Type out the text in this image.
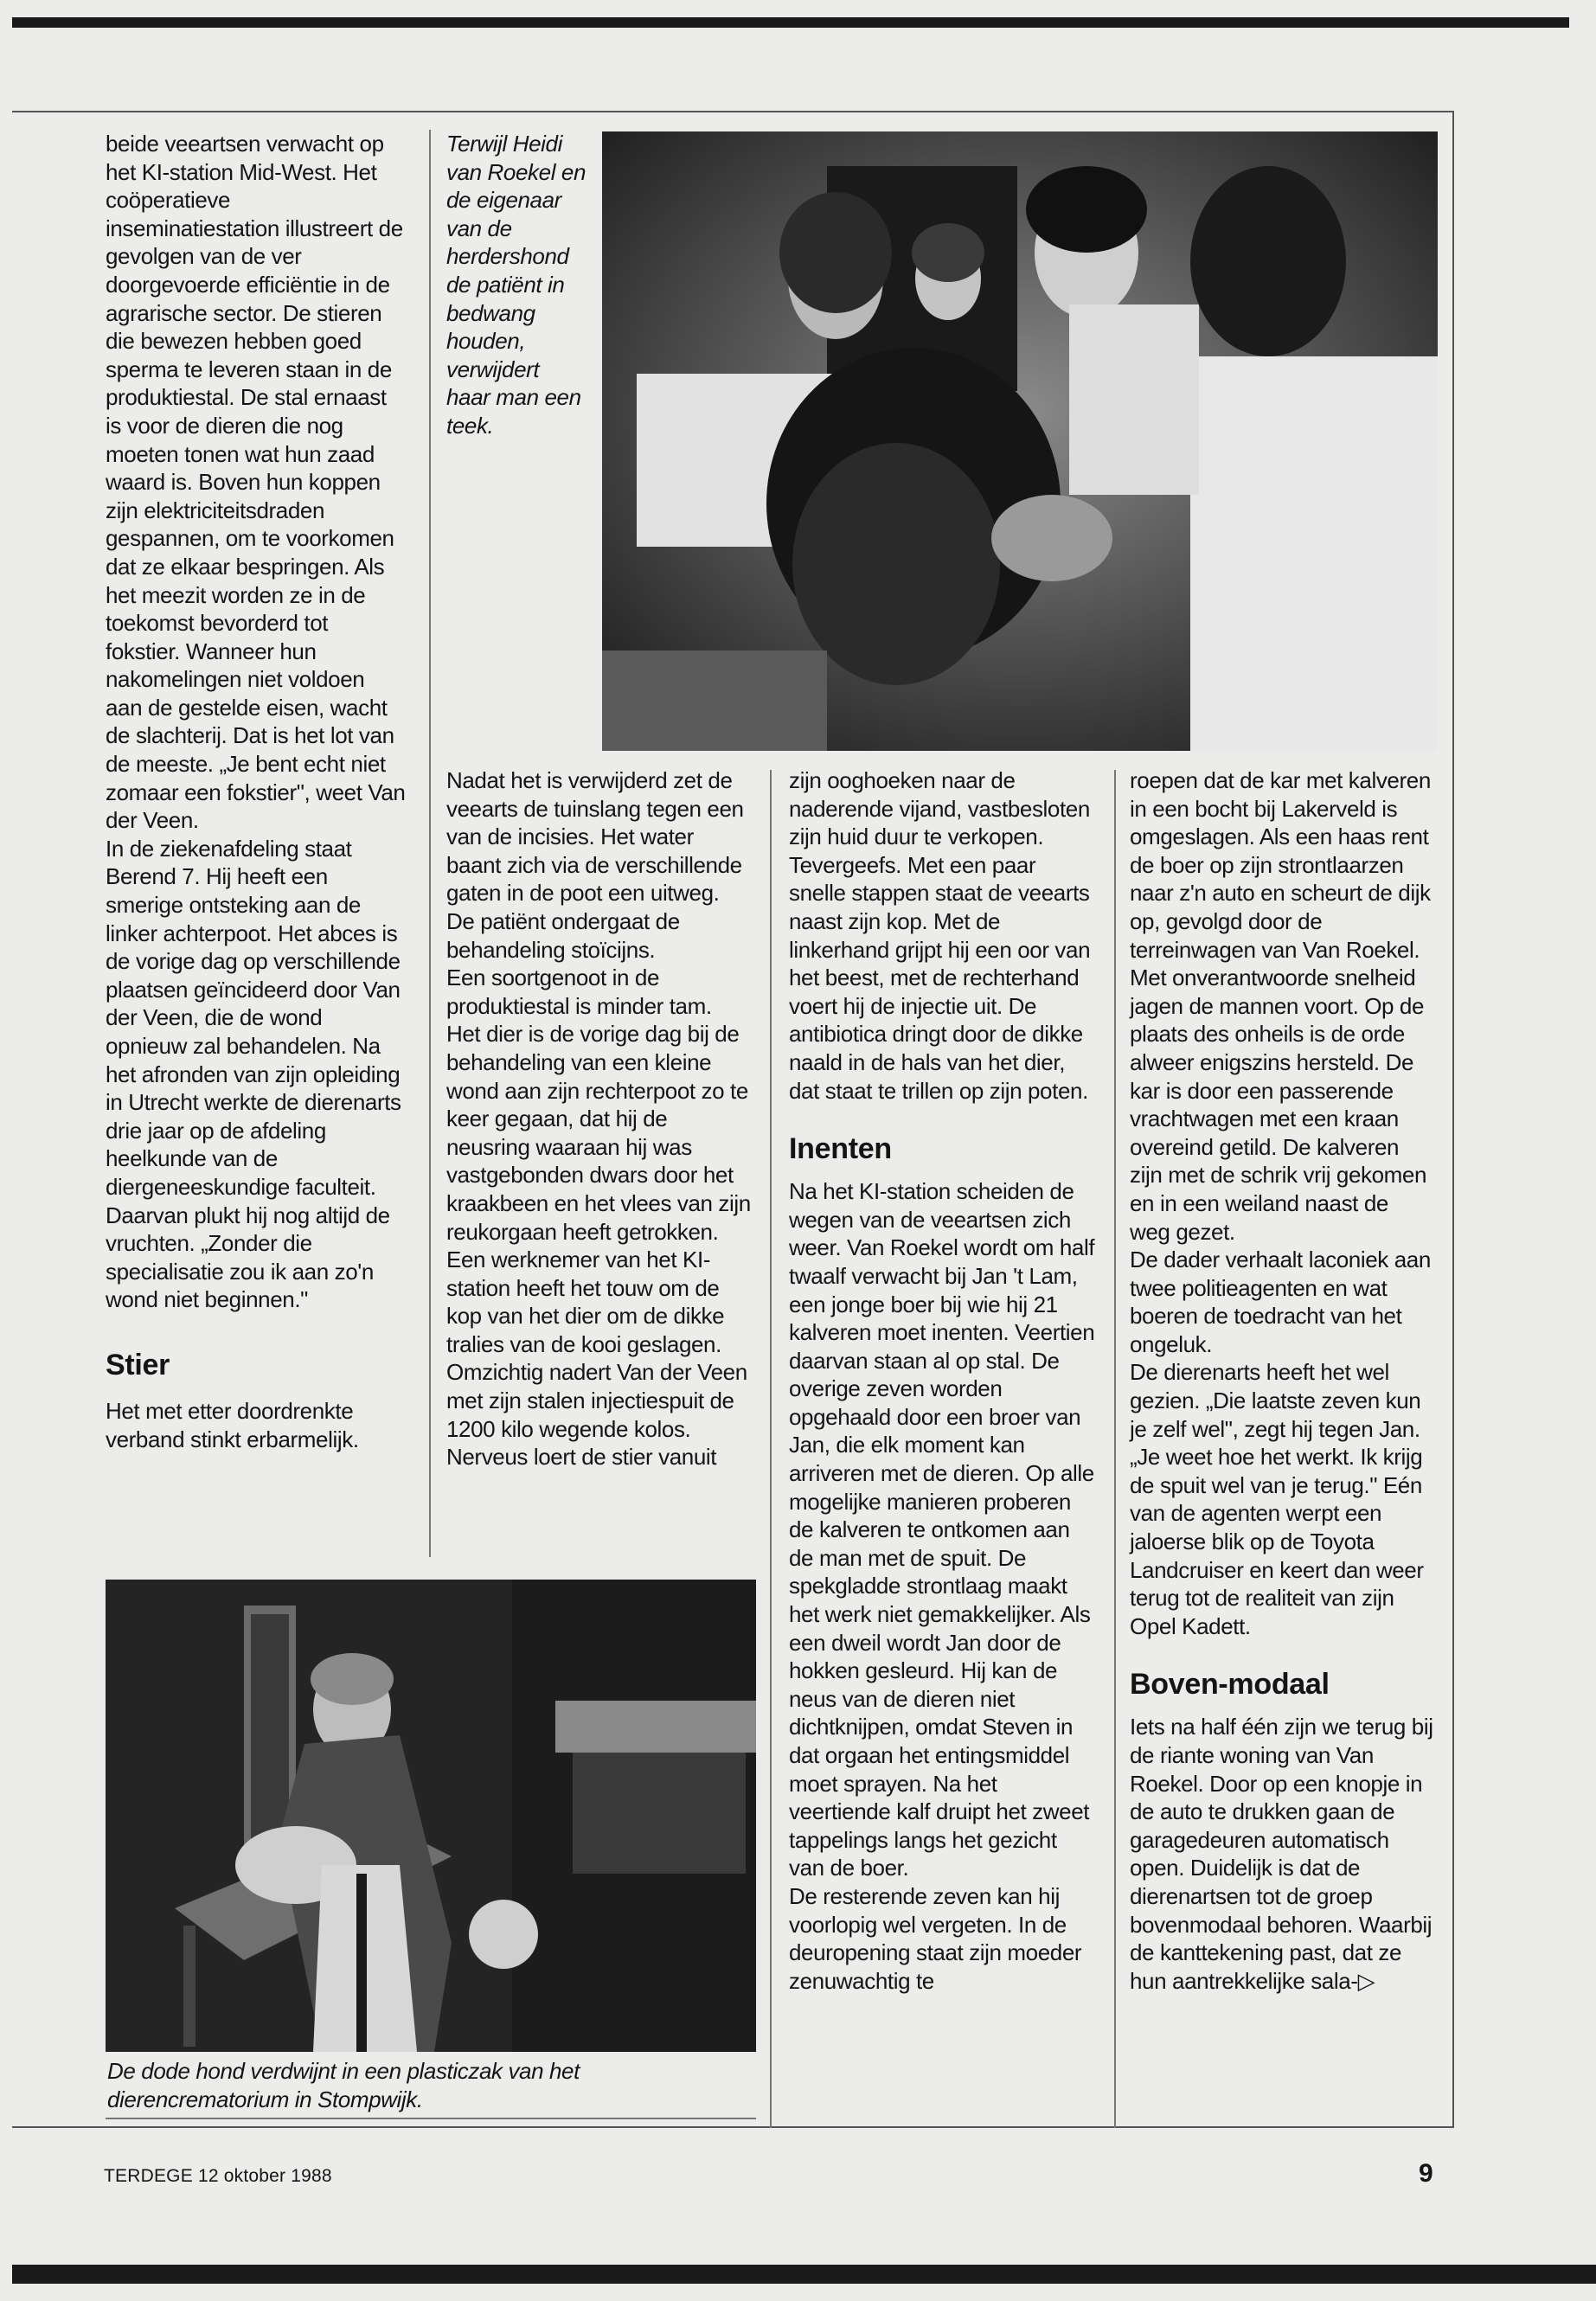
beide veeartsen verwacht op het KI-station Mid-West. Het coöperatieve inseminatiestation illustreert de gevolgen van de ver doorgevoerde efficiëntie in de agrarische sector. De stieren die bewezen hebben goed sperma te leveren staan in de produktiestal. De stal ernaast is voor de dieren die nog moeten tonen wat hun zaad waard is. Boven hun koppen zijn elektriciteitsdraden gespannen, om te voorkomen dat ze elkaar bespringen. Als het meezit worden ze in de toekomst bevorderd tot fokstier. Wanneer hun nakomelingen niet voldoen aan de gestelde eisen, wacht de slachterij. Dat is het lot van de meeste. „Je bent echt niet zomaar een fokstier", weet Van der Veen.

In de ziekenafdeling staat Berend 7. Hij heeft een smerige ontsteking aan de linker achterpoot. Het abces is de vorige dag op verschillende plaatsen geïncideerd door Van der Veen, die de wond opnieuw zal behandelen. Na het afronden van zijn opleiding in Utrecht werkte de dierenarts drie jaar op de afdeling heelkunde van de diergeneeskundige faculteit. Daarvan plukt hij nog altijd de vruchten. „Zonder die specialisatie zou ik aan zo'n wond niet beginnen."

Stier

Het met etter doordrenkte verband stinkt erbarmelijk.

Terwijl Heidi van Roekel en de eigenaar van de herdershond de patiënt in bedwang houden, verwijdert haar man een teek.

Nadat het is verwijderd zet de veearts de tuinslang tegen een van de incisies. Het water baant zich via de verschillende gaten in de poot een uitweg. De patiënt ondergaat de behandeling stoïcijns.

Een soortgenoot in de produktiestal is minder tam. Het dier is de vorige dag bij de behandeling van een kleine wond aan zijn rechterpoot zo te keer gegaan, dat hij de neusring waaraan hij was vastgebonden dwars door het kraakbeen en het vlees van zijn reukorgaan heeft getrokken. Een werknemer van het KI-station heeft het touw om de kop van het dier om de dikke tralies van de kooi geslagen. Omzichtig nadert Van der Veen met zijn stalen injectiespuit de 1200 kilo wegende kolos. Nerveus loert de stier vanuit

zijn ooghoeken naar de naderende vijand, vastbesloten zijn huid duur te verkopen. Tevergeefs. Met een paar snelle stappen staat de veearts naast zijn kop. Met de linkerhand grijpt hij een oor van het beest, met de rechterhand voert hij de injectie uit. De antibiotica dringt door de dikke naald in de hals van het dier, dat staat te trillen op zijn poten.

Inenten

Na het KI-station scheiden de wegen van de veeartsen zich weer. Van Roekel wordt om half twaalf verwacht bij Jan 't Lam, een jonge boer bij wie hij 21 kalveren moet inenten. Veertien daarvan staan al op stal. De overige zeven worden opgehaald door een broer van Jan, die elk moment kan arriveren met de dieren. Op alle mogelijke manieren proberen de kalveren te ontkomen aan de man met de spuit. De spekgladde strontlaag maakt het werk niet gemakkelijker. Als een dweil wordt Jan door de hokken gesleurd. Hij kan de neus van de dieren niet dichtknijpen, omdat Steven in dat orgaan het entingsmiddel moet sprayen. Na het veertiende kalf druipt het zweet tappelings langs het gezicht van de boer.

De resterende zeven kan hij voorlopig wel vergeten. In de deuropening staat zijn moeder zenuwachtig te

roepen dat de kar met kalveren in een bocht bij Lakerveld is omgeslagen. Als een haas rent de boer op zijn strontlaarzen naar z'n auto en scheurt de dijk op, gevolgd door de terreinwagen van Van Roekel.

Met onverantwoorde snelheid jagen de mannen voort. Op de plaats des onheils is de orde alweer enigszins hersteld. De kar is door een passerende vrachtwagen met een kraan overeind getild. De kalveren zijn met de schrik vrij gekomen en in een weiland naast de weg gezet.

De dader verhaalt laconiek aan twee politieagenten en wat boeren de toedracht van het ongeluk.

De dierenarts heeft het wel gezien. „Die laatste zeven kun je zelf wel", zegt hij tegen Jan. „Je weet hoe het werkt. Ik krijg de spuit wel van je terug." Eén van de agenten werpt een jaloerse blik op de Toyota Landcruiser en keert dan weer terug tot de realiteit van zijn Opel Kadett.

Boven-modaal

Iets na half één zijn we terug bij de riante woning van Van Roekel. Door op een knopje in de auto te drukken gaan de garagedeuren automatisch open. Duidelijk is dat de dierenartsen tot de groep bovenmodaal behoren. Waarbij de kanttekening past, dat ze hun aantrekkelijke sala-▷

De dode hond verdwijnt in een plasticzak van het dierencrematorium in Stompwijk.
TERDEGE 12 oktober 1988	9
